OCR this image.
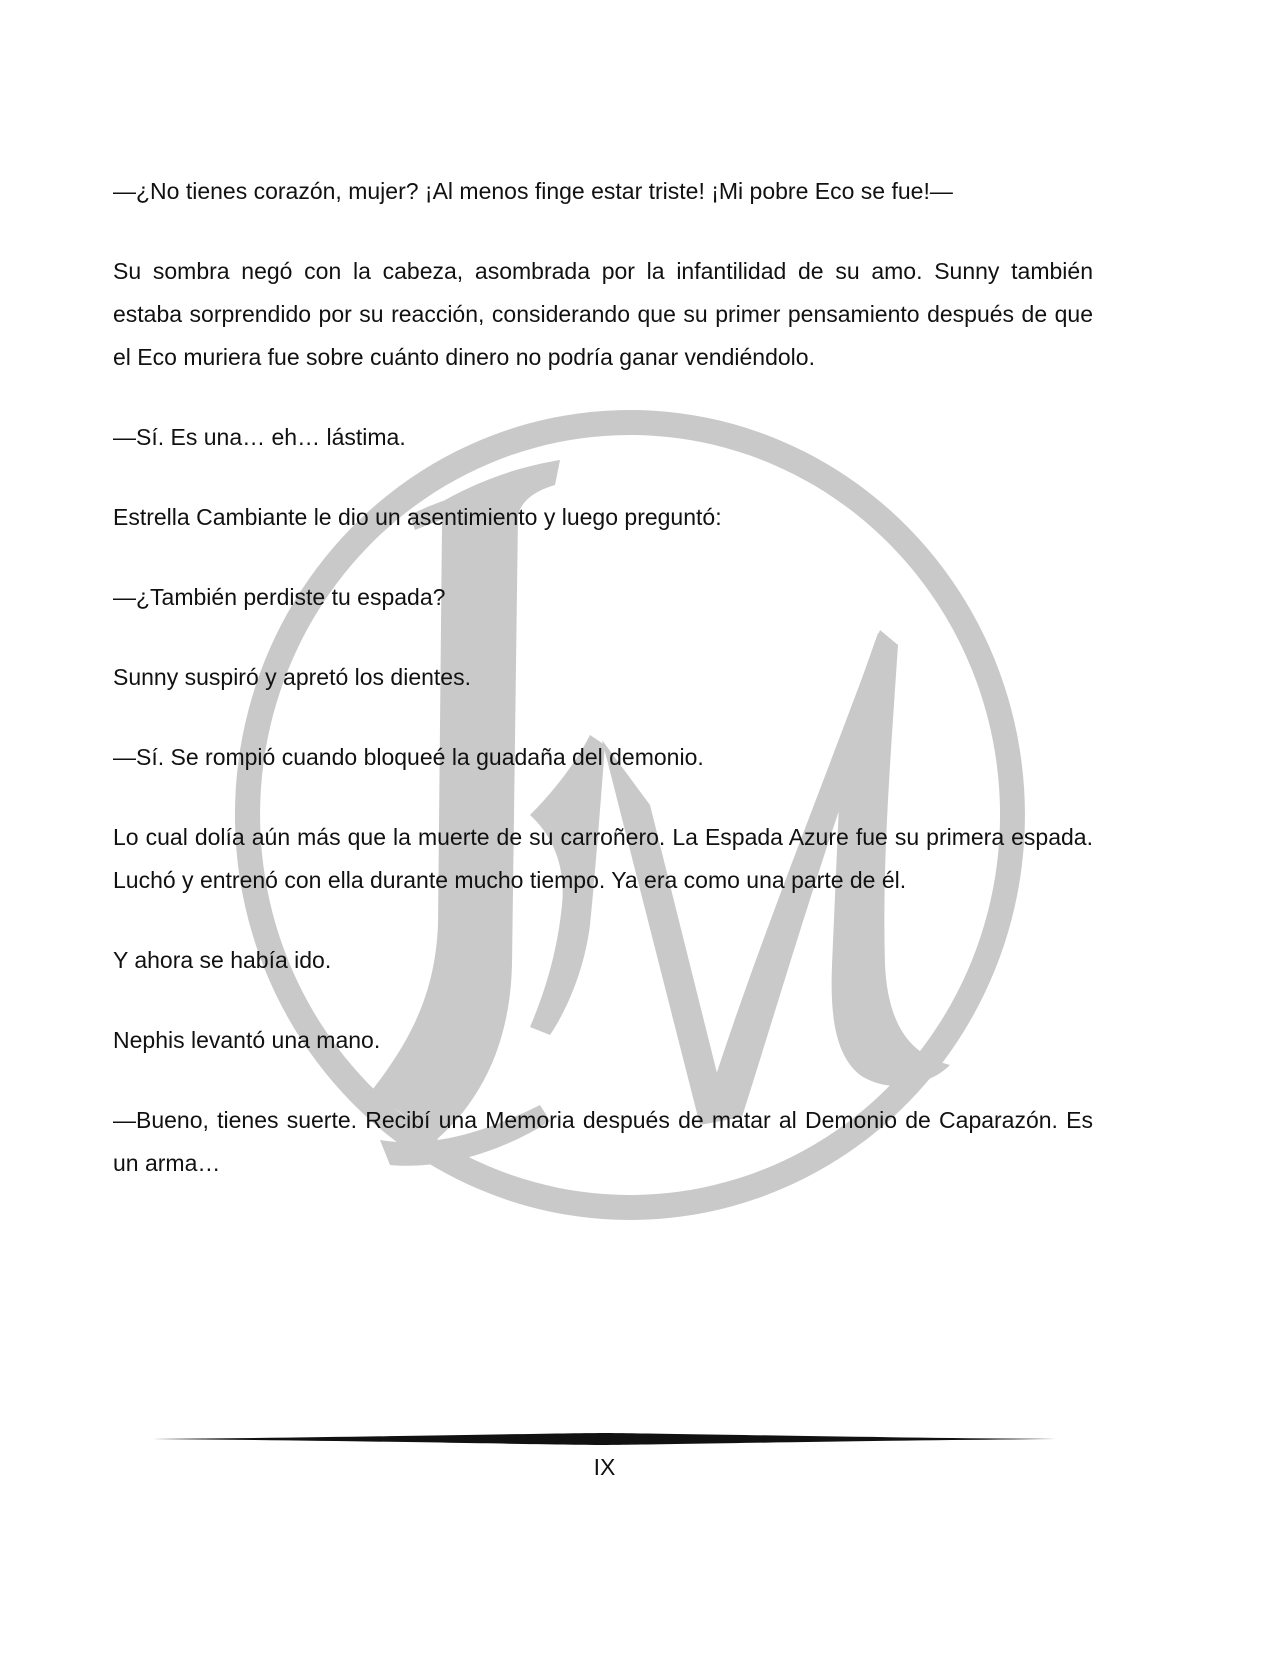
—¿No tienes corazón, mujer? ¡Al menos finge estar triste! ¡Mi pobre Eco se fue!—

Su sombra negó con la cabeza, asombrada por la infantilidad de su amo. Sunny también estaba sorprendido por su reacción, considerando que su primer pensamiento después de que el Eco muriera fue sobre cuánto dinero no podría ganar vendiéndolo.

—Sí. Es una… eh… lástima.

Estrella Cambiante le dio un asentimiento y luego preguntó:

—¿También perdiste tu espada?

Sunny suspiró y apretó los dientes.

—Sí. Se rompió cuando bloqueé la guadaña del demonio.

Lo cual dolía aún más que la muerte de su carroñero. La Espada Azure fue su primera espada. Luchó y entrenó con ella durante mucho tiempo. Ya era como una parte de él.

Y ahora se había ido.

Nephis levantó una mano.

—Bueno, tienes suerte. Recibí una Memoria después de matar al Demonio de Caparazón. Es un arma…

IX
